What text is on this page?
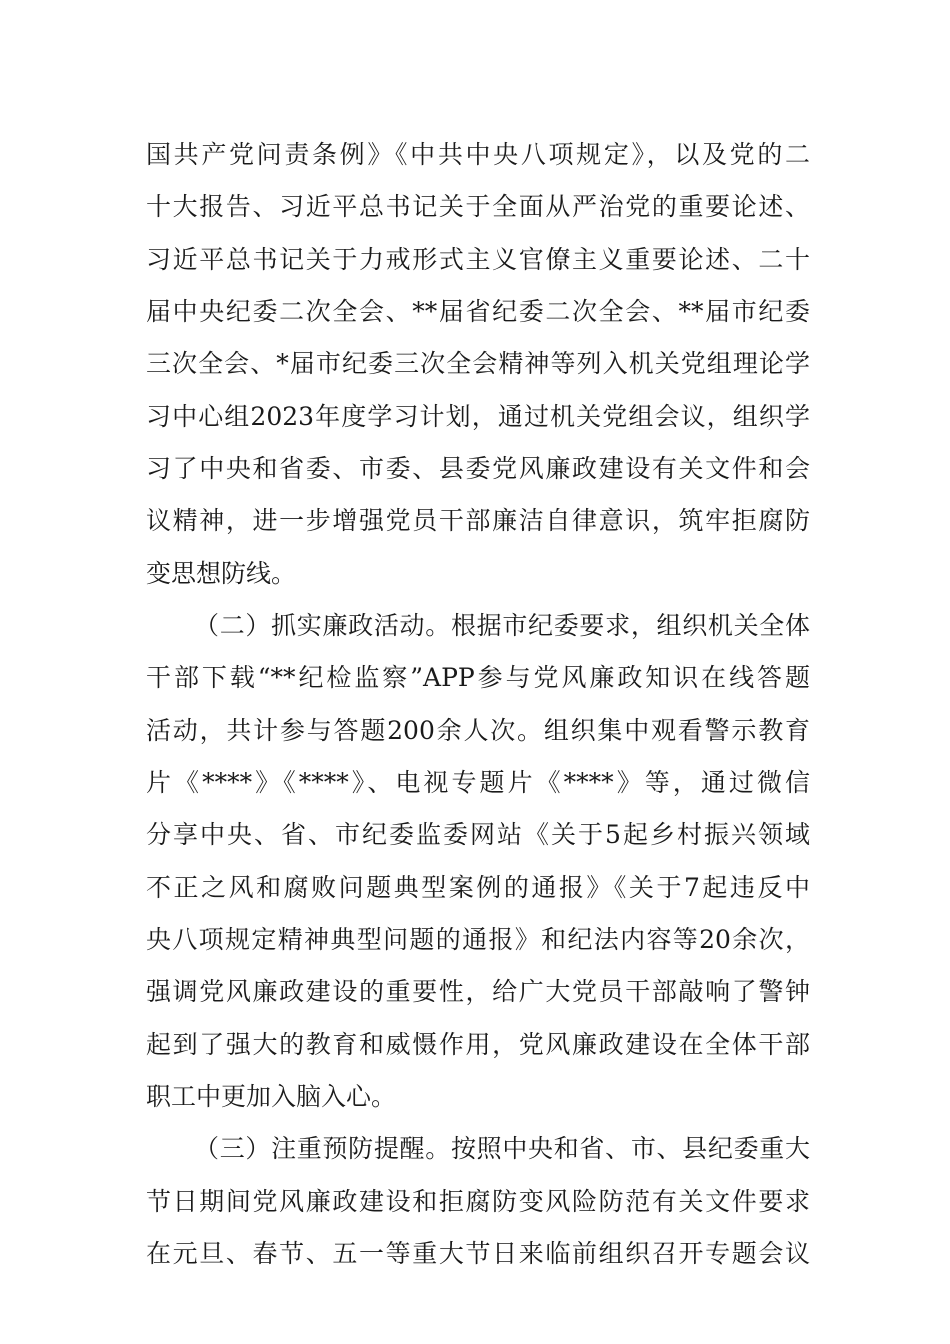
国共产党问责条例》《中共中央八项规定》，以及党的二
十大报告、习近平总书记关于全面从严治党的重要论述、
习近平总书记关于力戒形式主义官僚主义重要论述、二十
届中央纪委二次全会、**届省纪委二次全会、**届市纪委
三次全会、*届市纪委三次全会精神等列入机关党组理论学
习中心组2023年度学习计划，通过机关党组会议，组织学
习了中央和省委、市委、县委党风廉政建设有关文件和会
议精神，进一步增强党员干部廉洁自律意识，筑牢拒腐防
变思想防线。
（二）抓实廉政活动。根据市纪委要求，组织机关全体
干部下载“**纪检监察”APP参与党风廉政知识在线答题
活动，共计参与答题200余人次。组织集中观看警示教育
片《****》《****》、电视专题片《****》等，通过微信
分享中央、省、市纪委监委网站《关于5起乡村振兴领域
不正之风和腐败问题典型案例的通报》《关于7起违反中
央八项规定精神典型问题的通报》和纪法内容等20余次，
强调党风廉政建设的重要性，给广大党员干部敲响了警钟
起到了强大的教育和威慑作用，党风廉政建设在全体干部
职工中更加入脑入心。
（三）注重预防提醒。按照中央和省、市、县纪委重大
节日期间党风廉政建设和拒腐防变风险防范有关文件要求
在元旦、春节、五一等重大节日来临前组织召开专题会议
